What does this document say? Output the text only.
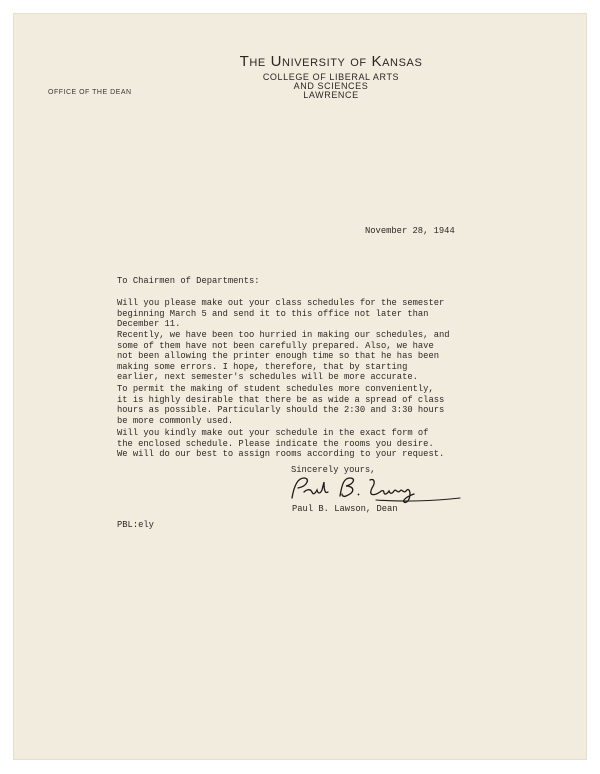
The University of Kansas
COLLEGE OF LIBERAL ARTS
AND SCIENCES
LAWRENCE
OFFICE OF THE DEAN
November 28, 1944
To Chairmen of Departments:
Will you please make out your class schedules for the semester
beginning March 5 and send it to this office not later than
December 11.
Recently, we have been too hurried in making our schedules, and
some of them have not been carefully prepared. Also, we have
not been allowing the printer enough time so that he has been
making some errors. I hope, therefore, that by starting
earlier, next semester's schedules will be more accurate.
To permit the making of student schedules more conveniently,
it is highly desirable that there be as wide a spread of class
hours as possible. Particularly should the 2:30 and 3:30 hours
be more commonly used.
Will you kindly make out your schedule in the exact form of
the enclosed schedule. Please indicate the rooms you desire.
We will do our best to assign rooms according to your request.
Sincerely yours,
Paul B. Lawson, Dean
PBL:ely
